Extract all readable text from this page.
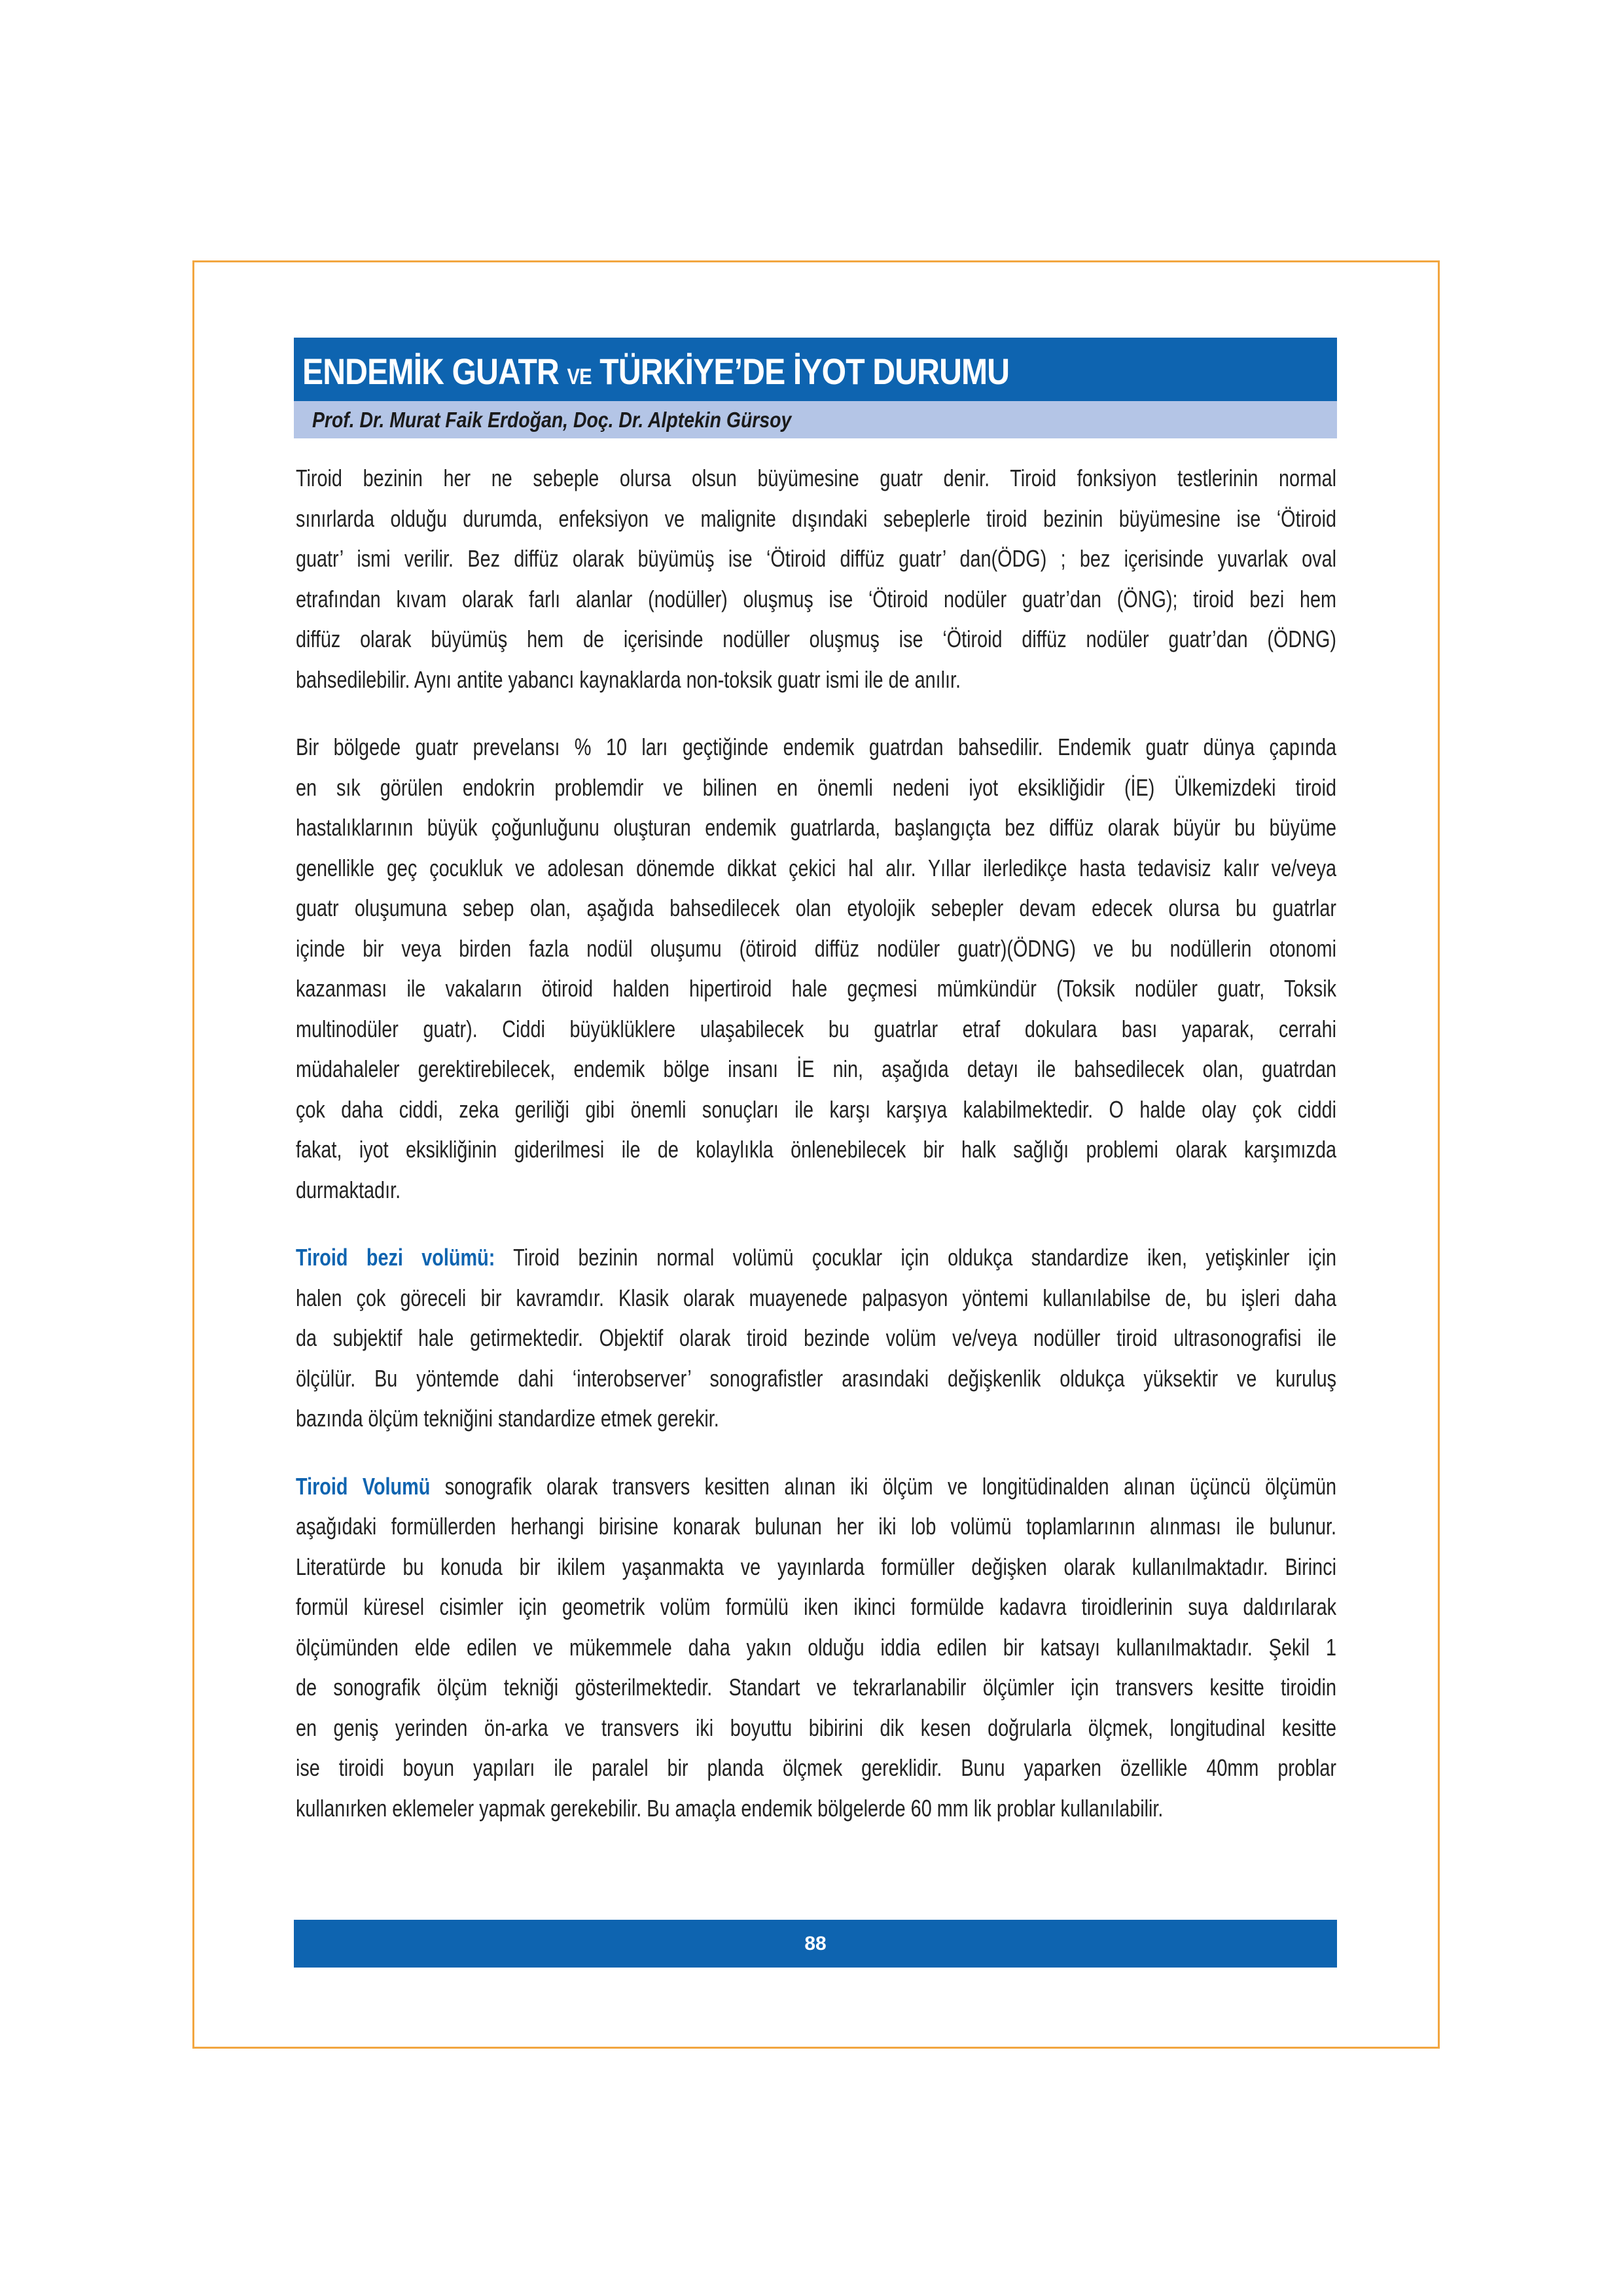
ENDEMİK GUATR VE TÜRKİYE’DE İYOT DURUMU
Prof. Dr. Murat Faik Erdoğan, Doç. Dr. Alptekin Gürsoy
Tiroid bezinin her ne sebeple olursa olsun büyümesine guatr denir. Tiroid fonksiyon testlerinin normal
sınırlarda olduğu durumda, enfeksiyon ve malignite dışındaki sebeplerle tiroid bezinin büyümesine ise ‘Ötiroid
guatr’ ismi verilir. Bez diffüz olarak büyümüş ise ‘Ötiroid diffüz guatr’ dan(ÖDG) ; bez içerisinde yuvarlak oval
etrafından kıvam olarak farlı alanlar (nodüller) oluşmuş ise ‘Ötiroid nodüler guatr’dan (ÖNG); tiroid bezi hem
diffüz olarak büyümüş hem de içerisinde nodüller oluşmuş ise ‘Ötiroid diffüz nodüler guatr’dan (ÖDNG)
bahsedilebilir. Aynı antite yabancı kaynaklarda non-toksik guatr ismi ile de anılır.
Bir bölgede guatr prevelansı % 10 ları geçtiğinde endemik guatrdan bahsedilir. Endemik guatr dünya çapında
en sık görülen endokrin problemdir ve bilinen en önemli nedeni iyot eksikliğidir (İE) Ülkemizdeki tiroid
hastalıklarının büyük çoğunluğunu oluşturan endemik guatrlarda, başlangıçta bez diffüz olarak büyür bu büyüme
genellikle geç çocukluk ve adolesan dönemde dikkat çekici hal alır. Yıllar ilerledikçe hasta tedavisiz kalır ve/veya
guatr oluşumuna sebep olan, aşağıda bahsedilecek olan etyolojik sebepler devam edecek olursa bu guatrlar
içinde bir veya birden fazla nodül oluşumu (ötiroid diffüz nodüler guatr)(ÖDNG) ve bu nodüllerin otonomi
kazanması ile vakaların ötiroid halden hipertiroid hale geçmesi mümkündür (Toksik nodüler guatr, Toksik
multinodüler guatr). Ciddi büyüklüklere ulaşabilecek bu guatrlar etraf dokulara bası yaparak, cerrahi
müdahaleler gerektirebilecek, endemik bölge insanı İE nin, aşağıda detayı ile bahsedilecek olan, guatrdan
çok daha ciddi, zeka geriliği gibi önemli sonuçları ile karşı karşıya kalabilmektedir. O halde olay çok ciddi
fakat, iyot eksikliğinin giderilmesi ile de kolaylıkla önlenebilecek bir halk sağlığı problemi olarak karşımızda
durmaktadır.
Tiroid bezi volümü: Tiroid bezinin normal volümü çocuklar için oldukça standardize iken, yetişkinler için
halen çok göreceli bir kavramdır. Klasik olarak muayenede palpasyon yöntemi kullanılabilse de, bu işleri daha
da subjektif hale getirmektedir. Objektif olarak tiroid bezinde volüm ve/veya nodüller tiroid ultrasonografisi ile
ölçülür. Bu yöntemde dahi ‘interobserver’ sonografistler arasındaki değişkenlik oldukça yüksektir ve kuruluş
bazında ölçüm tekniğini standardize etmek gerekir.
Tiroid Volumü sonografik olarak transvers kesitten alınan iki ölçüm ve longitüdinalden alınan üçüncü ölçümün
aşağıdaki formüllerden herhangi birisine konarak bulunan her iki lob volümü toplamlarının alınması ile bulunur.
Literatürde bu konuda bir ikilem yaşanmakta ve yayınlarda formüller değişken olarak kullanılmaktadır. Birinci
formül küresel cisimler için geometrik volüm formülü iken ikinci formülde kadavra tiroidlerinin suya daldırılarak
ölçümünden elde edilen ve mükemmele daha yakın olduğu iddia edilen bir katsayı kullanılmaktadır. Şekil 1
de sonografik ölçüm tekniği gösterilmektedir. Standart ve tekrarlanabilir ölçümler için transvers kesitte tiroidin
en geniş yerinden ön-arka ve transvers iki boyuttu bibirini dik kesen doğrularla ölçmek, longitudinal kesitte
ise tiroidi boyun yapıları ile paralel bir planda ölçmek gereklidir. Bunu yaparken özellikle 40mm problar
kullanırken eklemeler yapmak gerekebilir. Bu amaçla endemik bölgelerde 60 mm lik problar kullanılabilir.
88
